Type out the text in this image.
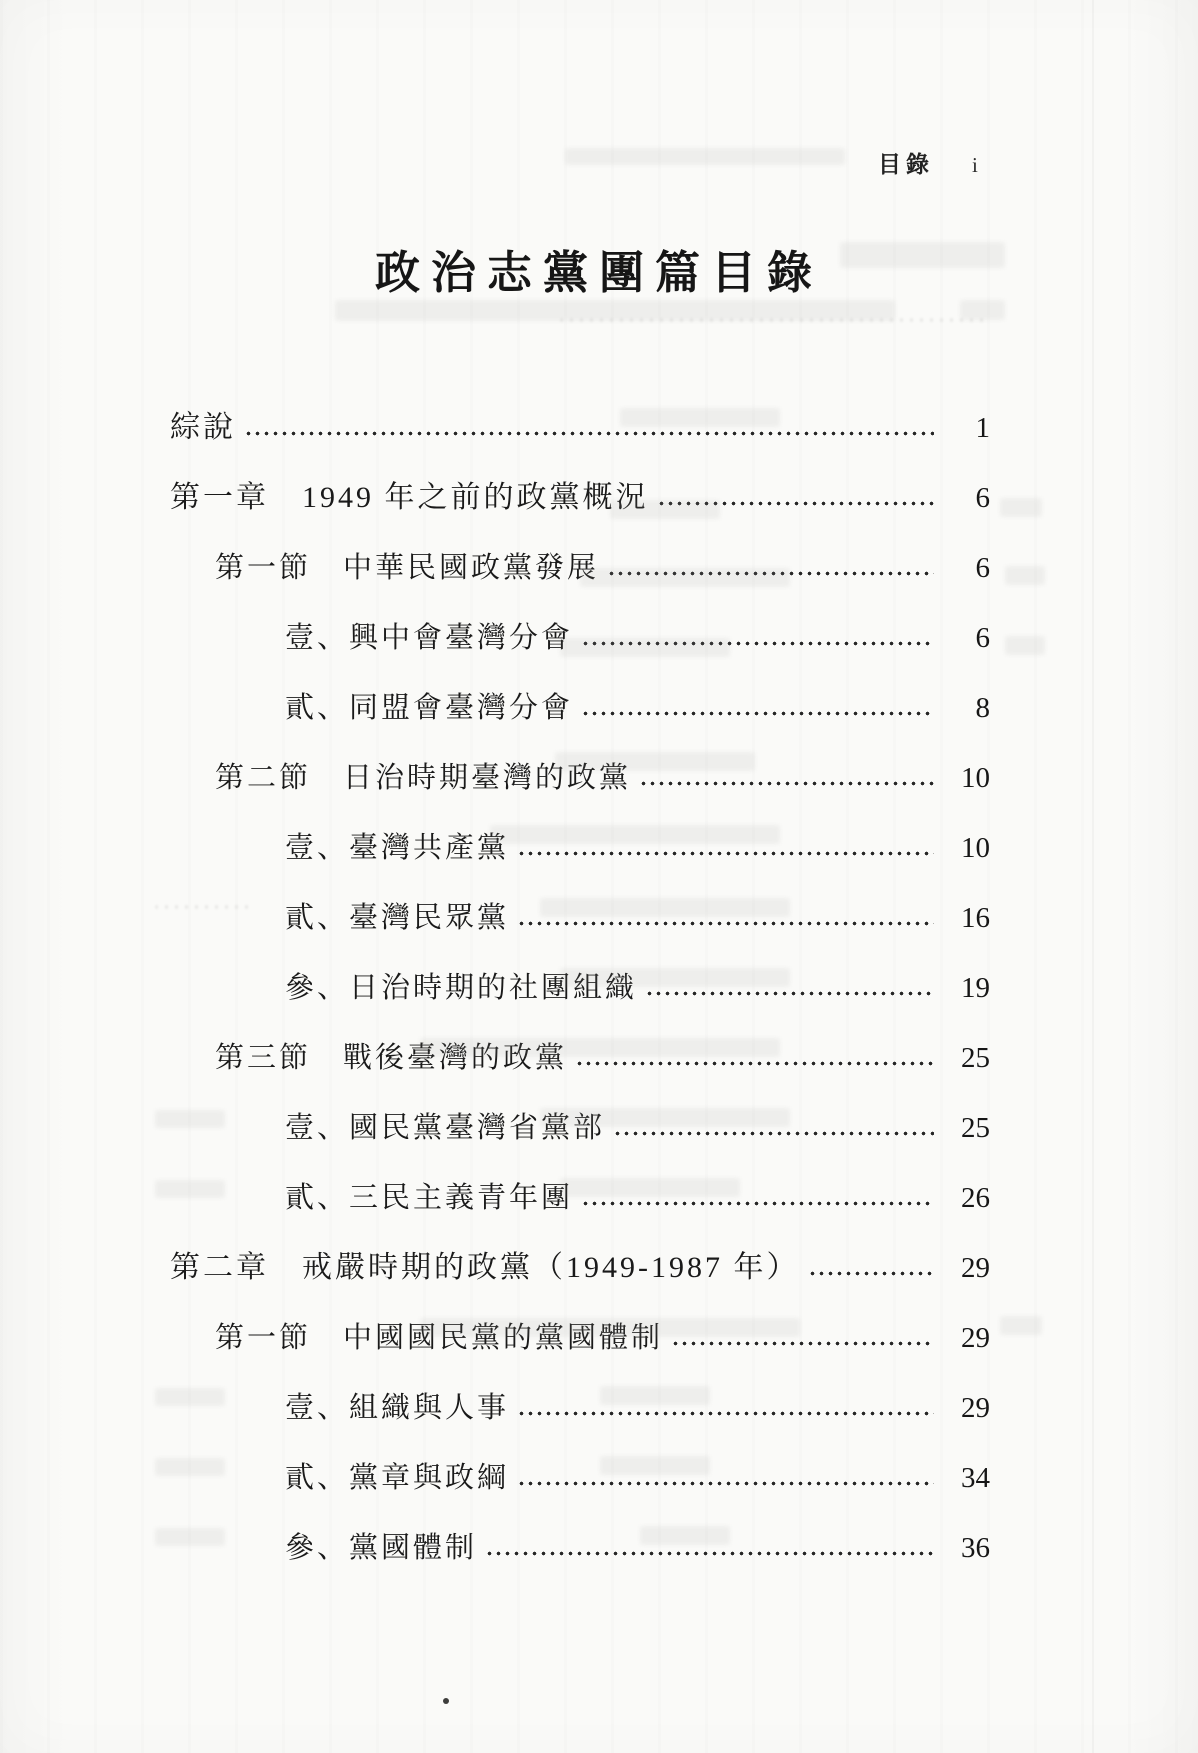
目錄 i
政治志黨團篇目錄
綜說	1
第一章　1949 年之前的政黨概況	6
第一節　中華民國政黨發展	6
壹、興中會臺灣分會	6
貳、同盟會臺灣分會	8
第二節　日治時期臺灣的政黨	10
壹、臺灣共產黨	10
貳、臺灣民眾黨	16
參、日治時期的社團組織	19
第三節　戰後臺灣的政黨	25
壹、國民黨臺灣省黨部	25
貳、三民主義青年團	26
第二章　戒嚴時期的政黨（1949-1987 年）	29
第一節　中國國民黨的黨國體制	29
壹、組織與人事	29
貳、黨章與政綱	34
參、黨國體制	36
